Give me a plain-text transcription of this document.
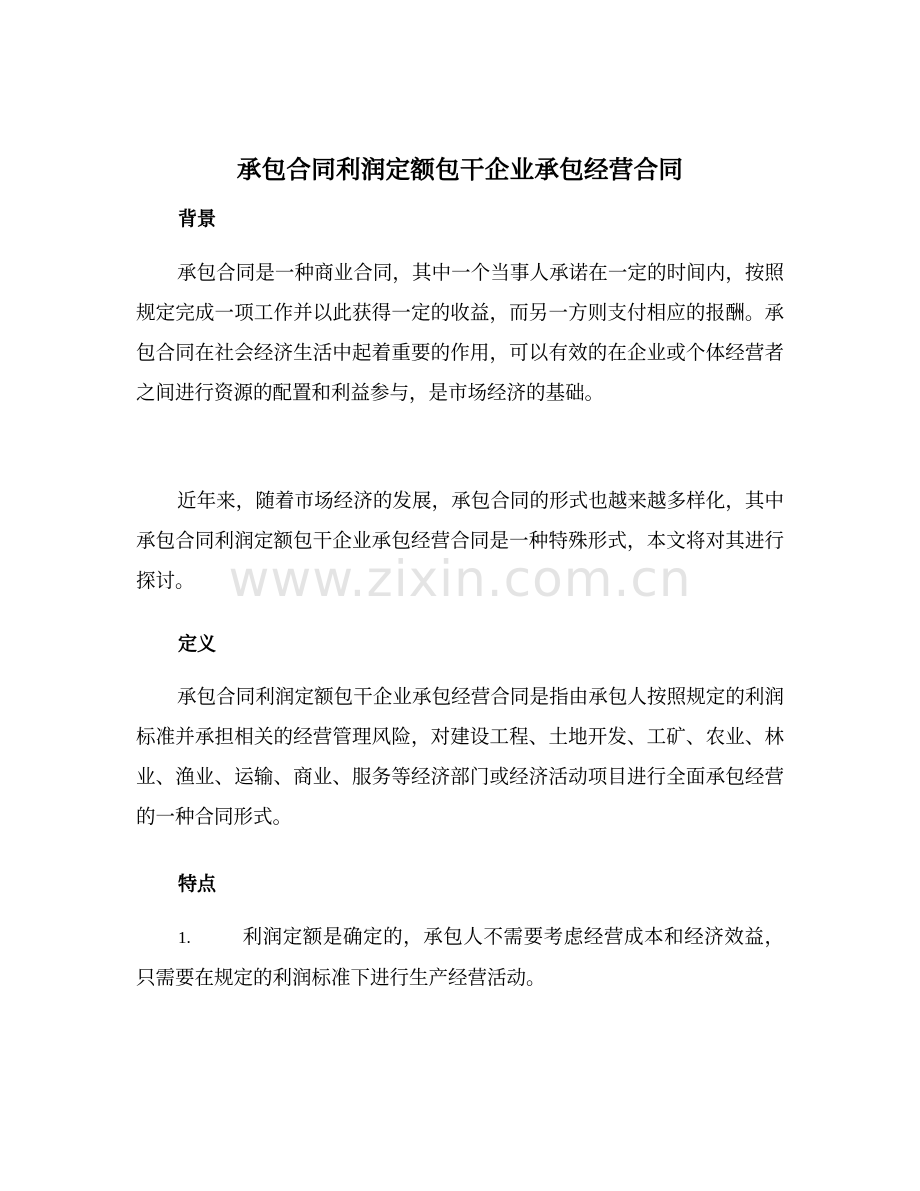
承包合同利润定额包干企业承包经营合同
背景
承包合同是一种商业合同，其中一个当事人承诺在一定的时间内，按照规定完成一项工作并以此获得一定的收益，而另一方则支付相应的报酬。承包合同在社会经济生活中起着重要的作用，可以有效的在企业或个体经营者之间进行资源的配置和利益参与，是市场经济的基础。
近年来，随着市场经济的发展，承包合同的形式也越来越多样化，其中承包合同利润定额包干企业承包经营合同是一种特殊形式，本文将对其进行探讨。
定义
承包合同利润定额包干企业承包经营合同是指由承包人按照规定的利润标准并承担相关的经营管理风险，对建设工程、土地开发、工矿、农业、林业、渔业、运输、商业、服务等经济部门或经济活动项目进行全面承包经营的一种合同形式。
特点
1.	利润定额是确定的，承包人不需要考虑经营成本和经济效益，只需要在规定的利润标准下进行生产经营活动。
www.zixin.com.cn
